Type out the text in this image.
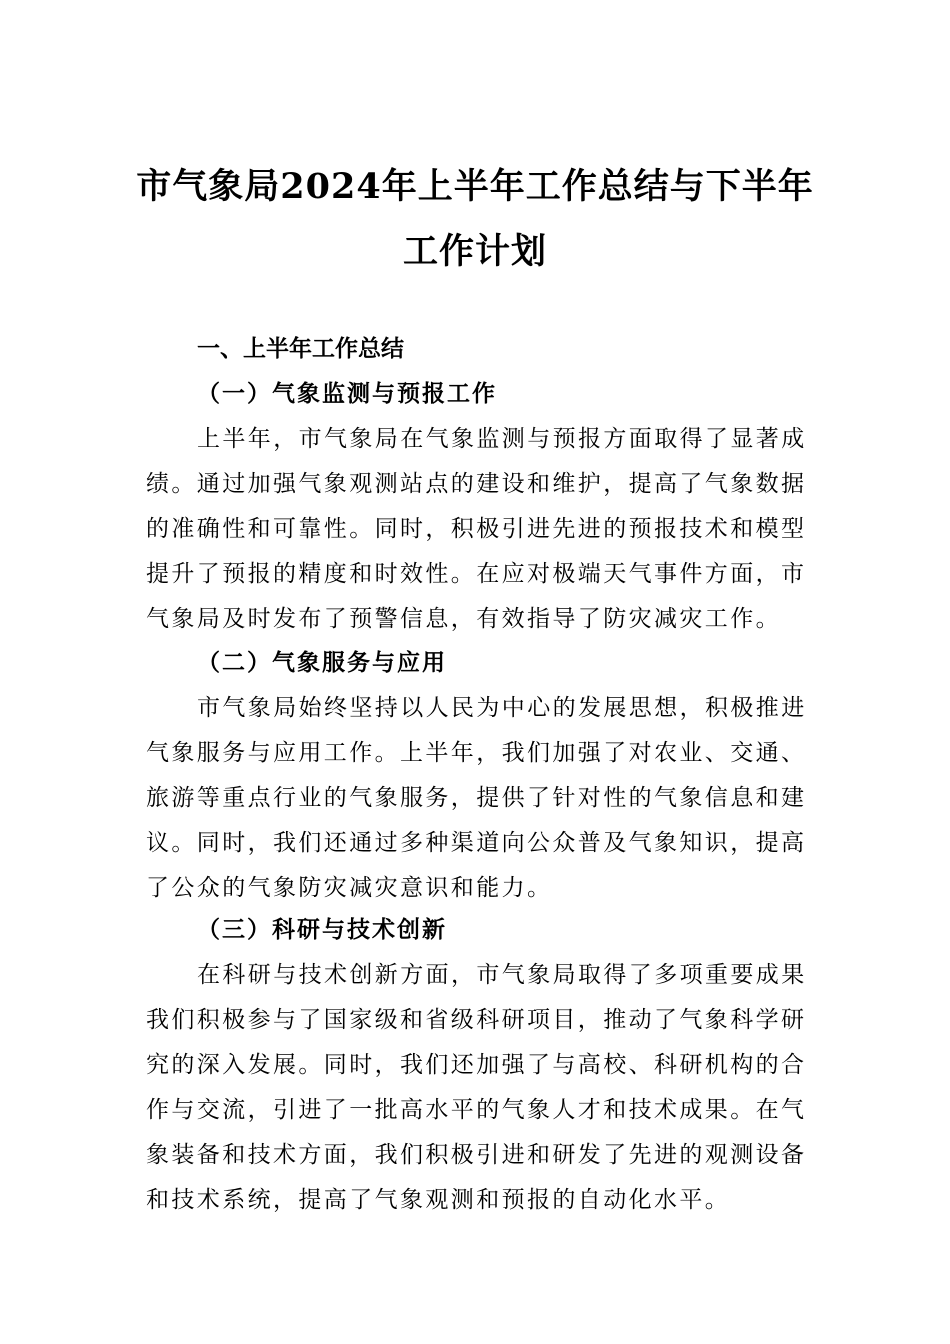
市气象局2024年上半年工作总结与下半年
工作计划
一、上半年工作总结
（一）气象监测与预报工作

上半年，市气象局在气象监测与预报方面取得了显著成
绩。通过加强气象观测站点的建设和维护，提高了气象数据
的准确性和可靠性。同时，积极引进先进的预报技术和模型
提升了预报的精度和时效性。在应对极端天气事件方面，市
气象局及时发布了预警信息，有效指导了防灾减灾工作。

（二）气象服务与应用

市气象局始终坚持以人民为中心的发展思想，积极推进
气象服务与应用工作。上半年，我们加强了对农业、交通、
旅游等重点行业的气象服务，提供了针对性的气象信息和建
议。同时，我们还通过多种渠道向公众普及气象知识，提高
了公众的气象防灾减灾意识和能力。

（三）科研与技术创新

在科研与技术创新方面，市气象局取得了多项重要成果
我们积极参与了国家级和省级科研项目，推动了气象科学研
究的深入发展。同时，我们还加强了与高校、科研机构的合
作与交流，引进了一批高水平的气象人才和技术成果。在气
象装备和技术方面，我们积极引进和研发了先进的观测设备
和技术系统，提高了气象观测和预报的自动化水平。
